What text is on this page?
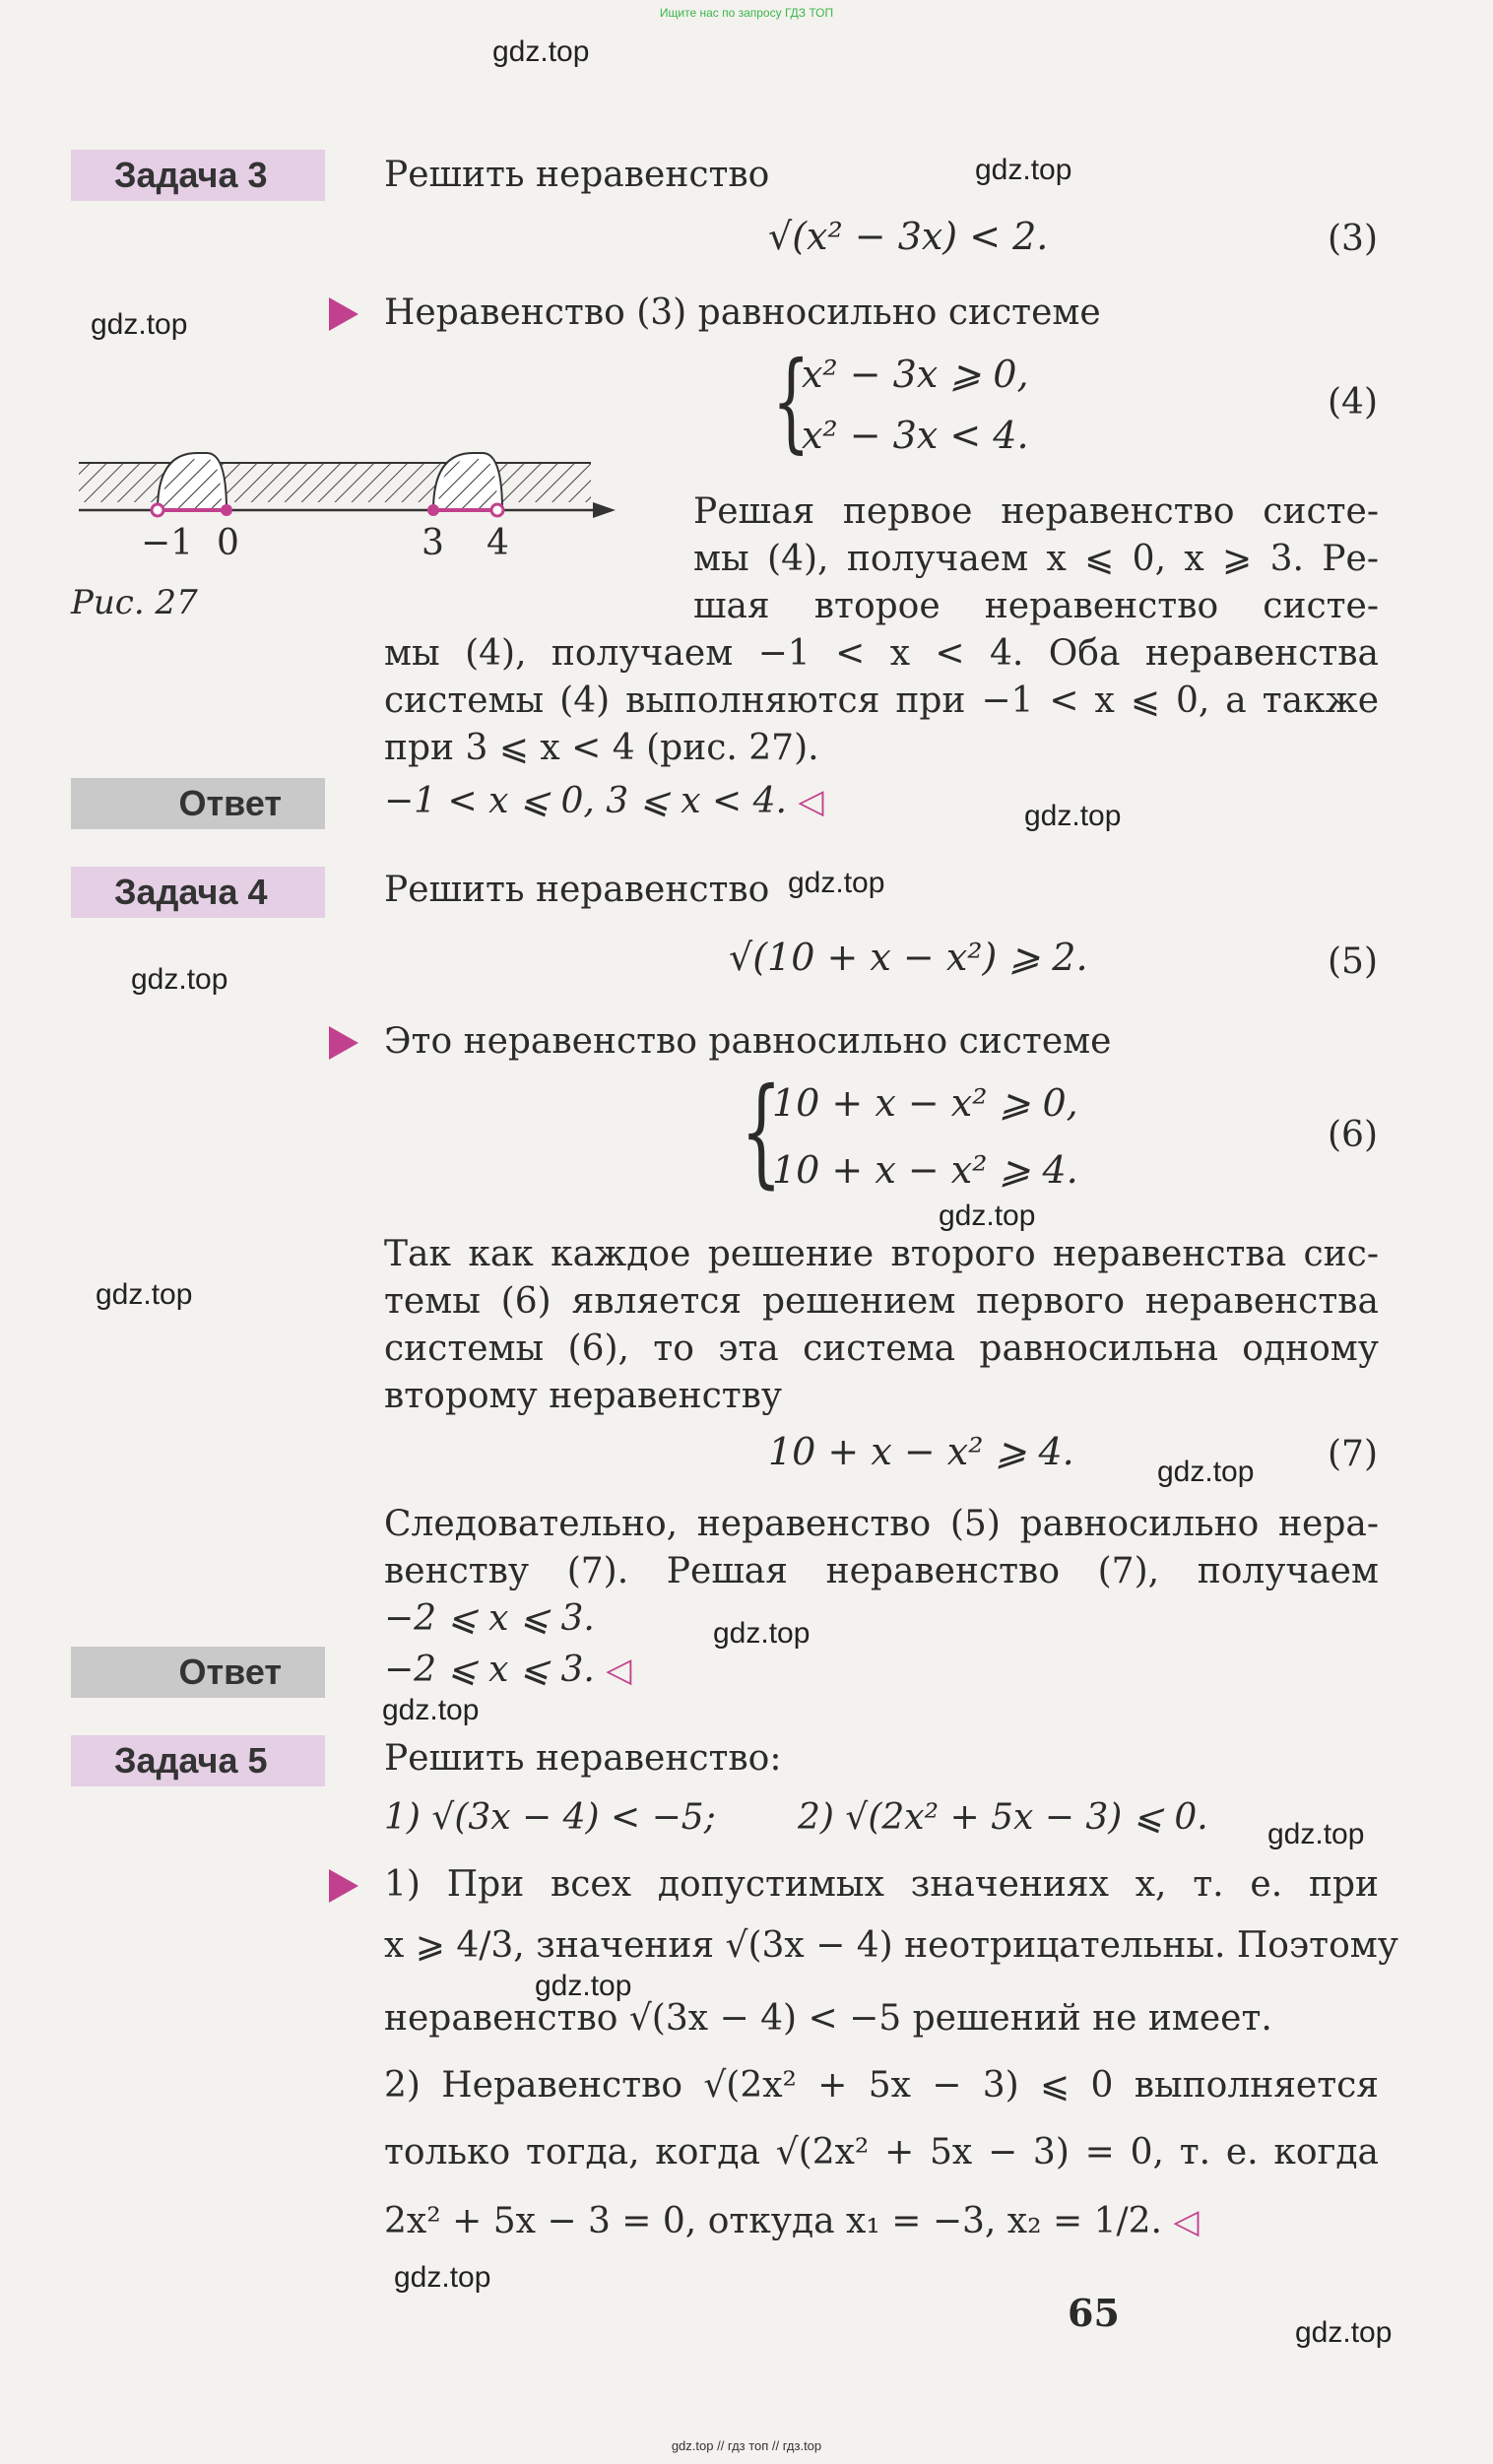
Ищите нас по запросу ГДЗ ТОП
gdz.top
gdz.top
gdz.top
gdz.top
gdz.top
gdz.top
gdz.top
gdz.top
gdz.top
gdz.top
gdz.top
gdz.top
gdz.top
gdz.top
gdz.top
Задача 3	Решить неравенство
√(x² − 3x) < 2.	(3)
Неравенство (3) равносильно системе
{
x² − 3x ⩾ 0,
x² − 3x < 4.
(4)
−1 0	3 4
Рис. 27
Решая первое неравенство систе-
мы (4), получаем x ⩽ 0, x ⩾ 3. Ре-
шая второе неравенство систе-
мы (4), получаем −1 < x < 4. Оба неравенства
системы (4) выполняются при −1 < x ⩽ 0, а также
при 3 ⩽ x < 4 (рис. 27).
Ответ	−1 < x ⩽ 0, 3 ⩽ x < 4. ◁
Задача 4	Решить неравенство
√(10 + x − x²) ⩾ 2.	(5)
Это неравенство равносильно системе
{
10 + x − x² ⩾ 0,
10 + x − x² ⩾ 4.
(6)
Так как каждое решение второго неравенства сис-
темы (6) является решением первого неравенства
системы (6), то эта система равносильна одному
второму неравенству
10 + x − x² ⩾ 4.	(7)
Следовательно, неравенство (5) равносильно нера-
венству (7). Решая неравенство (7), получаем
−2 ⩽ x ⩽ 3.
Ответ	−2 ⩽ x ⩽ 3. ◁
Задача 5	Решить неравенство:
1) √(3x − 4) < −5; 2) √(2x² + 5x − 3) ⩽ 0.
1) При всех допустимых значениях x, т. е. при
x ⩾ 4/3, значения √(3x − 4) неотрицательны. Поэтому
неравенство √(3x − 4) < −5 решений не имеет.
2) Неравенство √(2x² + 5x − 3) ⩽ 0 выполняется
только тогда, когда √(2x² + 5x − 3) = 0, т. е. когда
2x² + 5x − 3 = 0, откуда x₁ = −3, x₂ = 1/2. ◁
65
gdz.top // гдз топ // гдз.top
